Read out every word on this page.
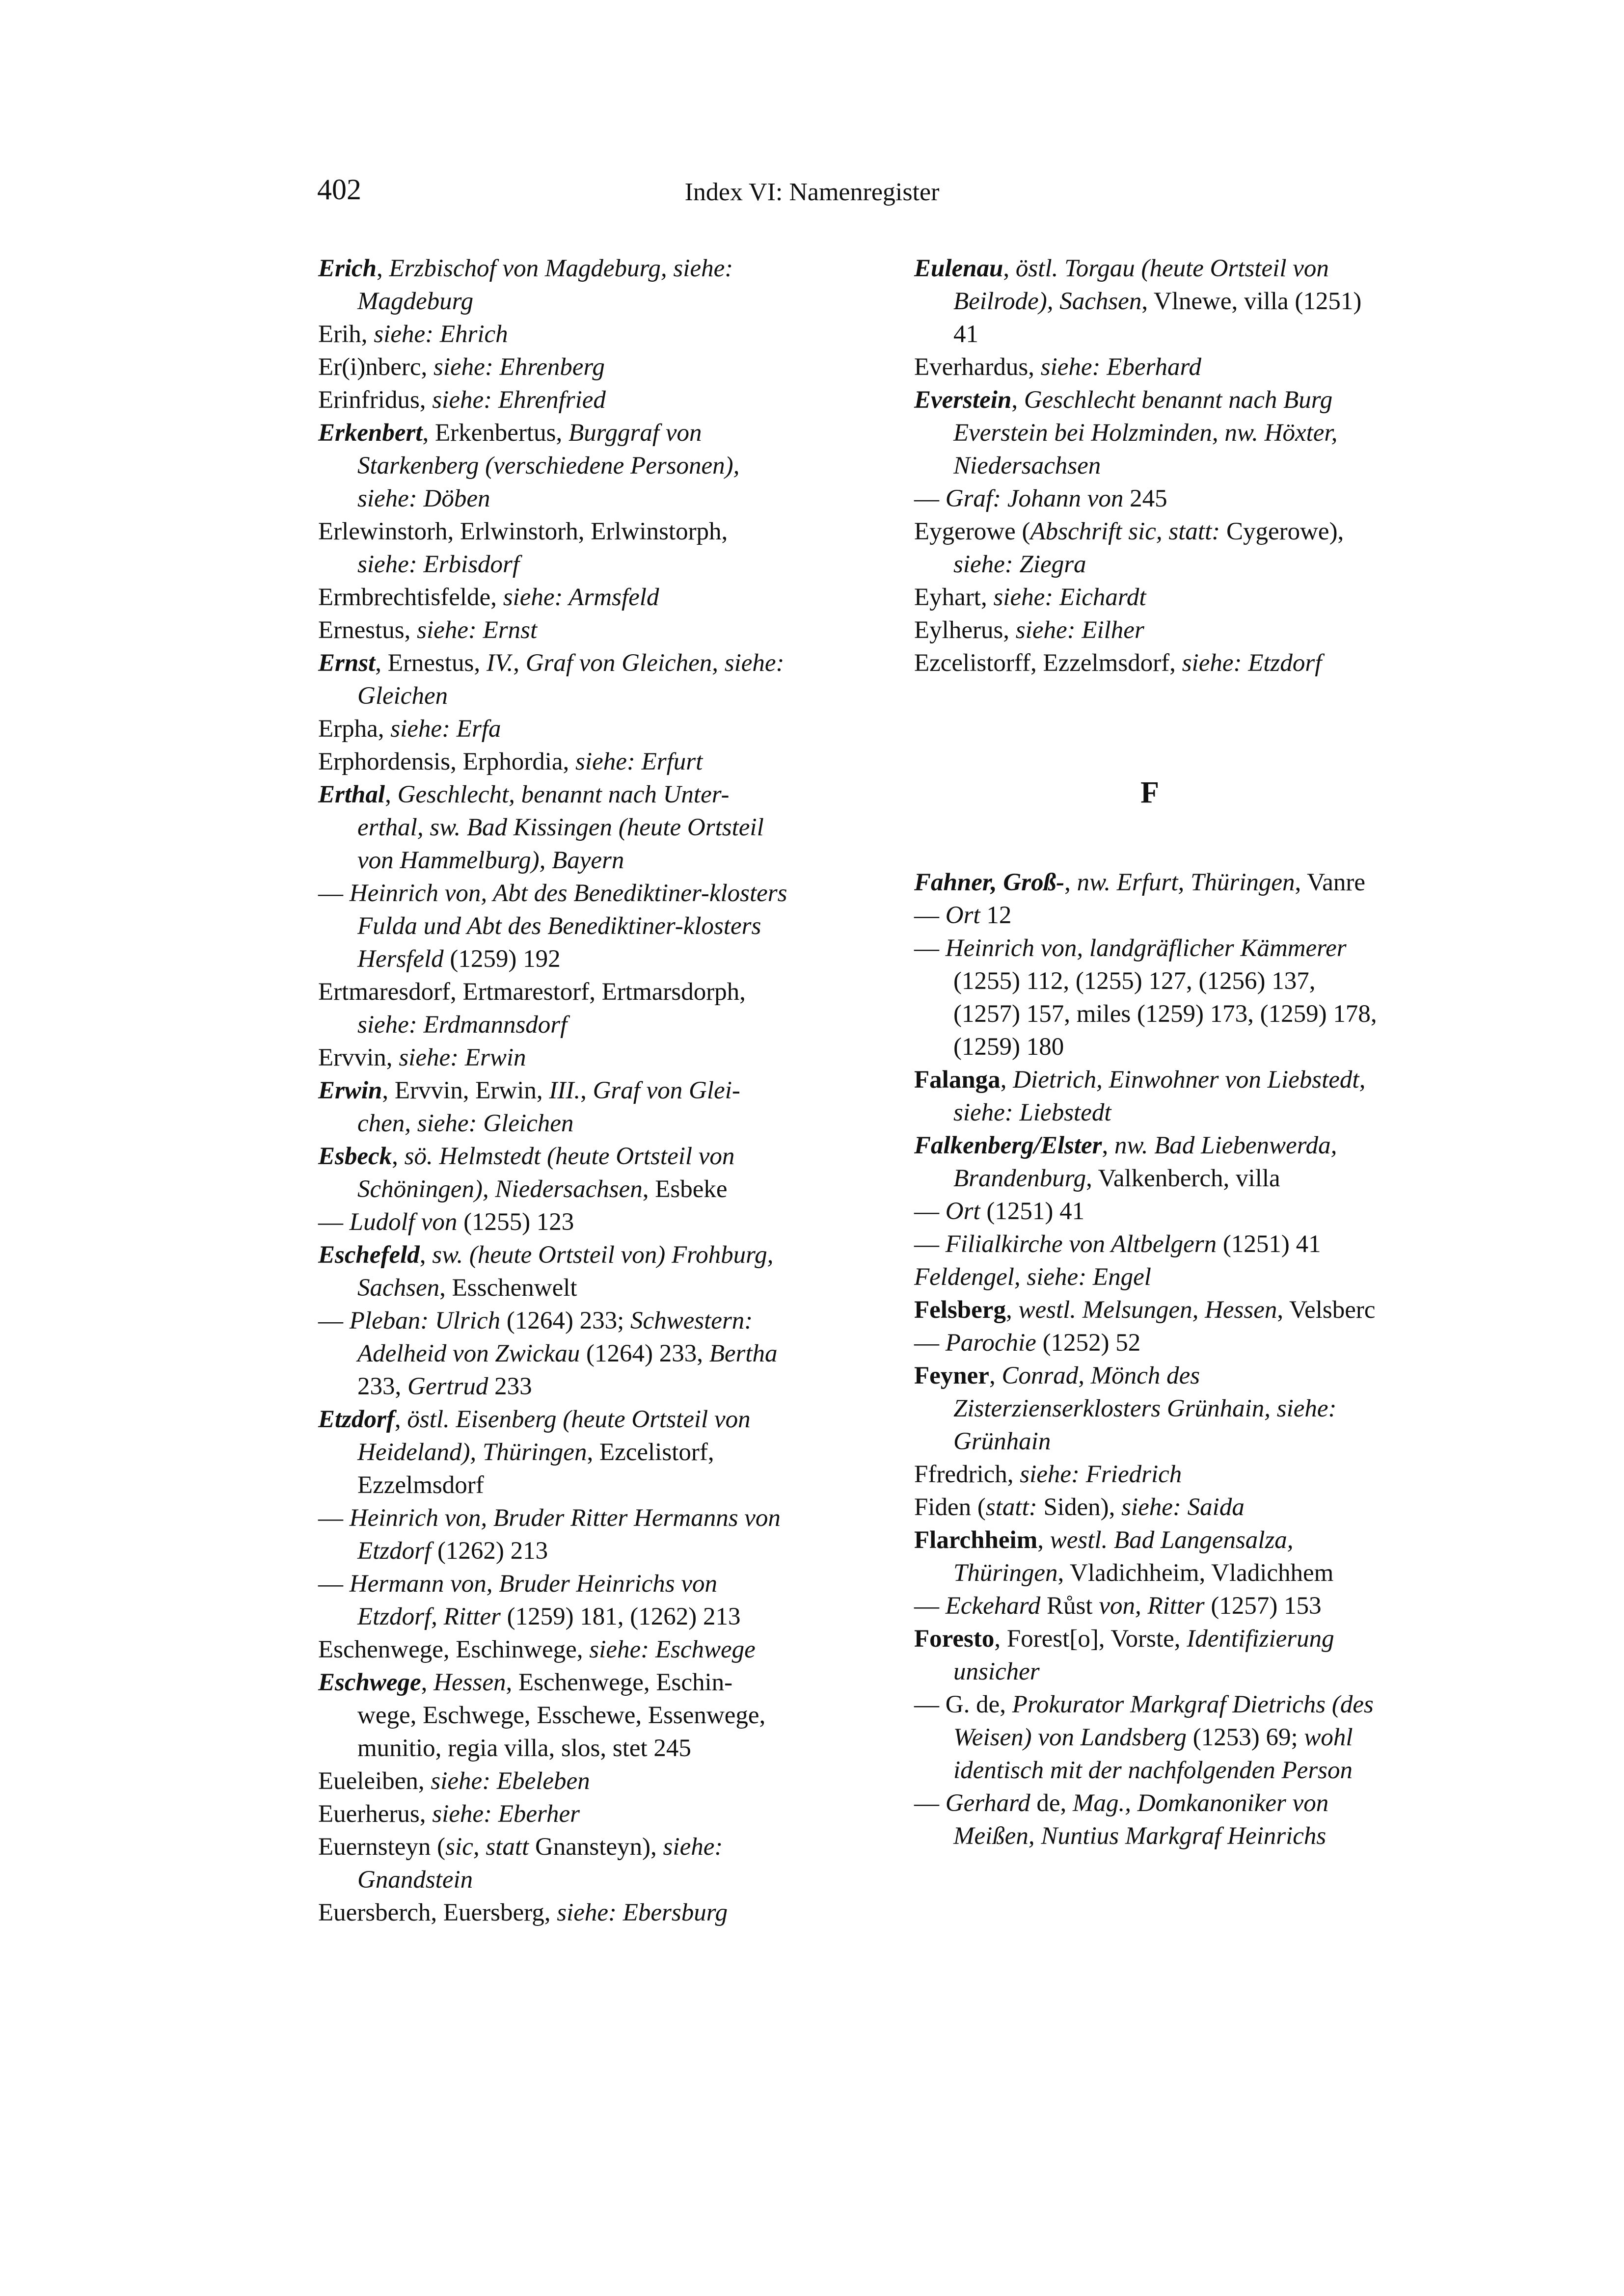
402	Index VI: Namenregister

Erich, Erzbischof von Magdeburg, siehe: Magdeburg

Erih, siehe: Ehrich

Er(i)nberc, siehe: Ehrenberg

Erinfridus, siehe: Ehrenfried

Erkenbert, Erkenbertus, Burggraf von Starkenberg (verschiedene Personen), siehe: Döben

Erlewinstorh, Erlwinstorh, Erlwinstorph, siehe: Erbisdorf

Ermbrechtisfelde, siehe: Armsfeld

Ernestus, siehe: Ernst

Ernst, Ernestus, IV., Graf von Gleichen, siehe: Gleichen

Erpha, siehe: Erfa

Erphordensis, Erphordia, siehe: Erfurt

Erthal, Geschlecht, benannt nach Unter-erthal, sw. Bad Kissingen (heute Ortsteil von Hammelburg), Bayern

— Heinrich von, Abt des Benediktiner-klosters Fulda und Abt des Benediktiner-klosters Hersfeld (1259) 192

Ertmaresdorf, Ertmarestorf, Ertmarsdorph, siehe: Erdmannsdorf

Ervvin, siehe: Erwin

Erwin, Ervvin, Erwin, III., Graf von Glei-chen, siehe: Gleichen

Esbeck, sö. Helmstedt (heute Ortsteil von Schöningen), Niedersachsen, Esbeke

— Ludolf von (1255) 123

Eschefeld, sw. (heute Ortsteil von) Frohburg, Sachsen, Esschenwelt

— Pleban: Ulrich (1264) 233; Schwestern: Adelheid von Zwickau (1264) 233, Bertha 233, Gertrud 233

Etzdorf, östl. Eisenberg (heute Ortsteil von Heideland), Thüringen, Ezcelistorf, Ezzelmsdorf

— Heinrich von, Bruder Ritter Hermanns von Etzdorf (1262) 213

— Hermann von, Bruder Heinrichs von Etzdorf, Ritter (1259) 181, (1262) 213

Eschenwege, Eschinwege, siehe: Eschwege

Eschwege, Hessen, Eschenwege, Eschin-wege, Eschwege, Esschewe, Essenwege, munitio, regia villa, slos, stet 245

Eueleiben, siehe: Ebeleben

Euerherus, siehe: Eberher

Euernsteyn (sic, statt Gnansteyn), siehe: Gnandstein

Euersberch, Euersberg, siehe: Ebersburg

Eulenau, östl. Torgau (heute Ortsteil von Beilrode), Sachsen, Vlnewe, villa (1251) 41

Everhardus, siehe: Eberhard

Everstein, Geschlecht benannt nach Burg Everstein bei Holzminden, nw. Höxter, Niedersachsen

— Graf: Johann von 245

Eygerowe (Abschrift sic, statt: Cygerowe), siehe: Ziegra

Eyhart, siehe: Eichardt

Eylherus, siehe: Eilher

Ezcelistorff, Ezzelmsdorf, siehe: Etzdorf

F

Fahner, Groß-, nw. Erfurt, Thüringen, Vanre

— Ort 12

— Heinrich von, landgräflicher Kämmerer (1255) 112, (1255) 127, (1256) 137, (1257) 157, miles (1259) 173, (1259) 178, (1259) 180

Falanga, Dietrich, Einwohner von Liebstedt, siehe: Liebstedt

Falkenberg/Elster, nw. Bad Liebenwerda, Brandenburg, Valkenberch, villa

— Ort (1251) 41

— Filialkirche von Altbelgern (1251) 41

Feldengel, siehe: Engel

Felsberg, westl. Melsungen, Hessen, Velsberc

— Parochie (1252) 52

Feyner, Conrad, Mönch des Zisterzienserklosters Grünhain, siehe: Grünhain

Ffredrich, siehe: Friedrich

Fiden (statt: Siden), siehe: Saida

Flarchheim, westl. Bad Langensalza, Thüringen, Vladichheim, Vladichhem

— Eckehard Růst von, Ritter (1257) 153

Foresto, Forest[o], Vorste, Identifizierung unsicher

— G. de, Prokurator Markgraf Dietrichs (des Weisen) von Landsberg (1253) 69; wohl identisch mit der nachfolgenden Person

— Gerhard de, Mag., Domkanoniker von Meißen, Nuntius Markgraf Heinrichs
